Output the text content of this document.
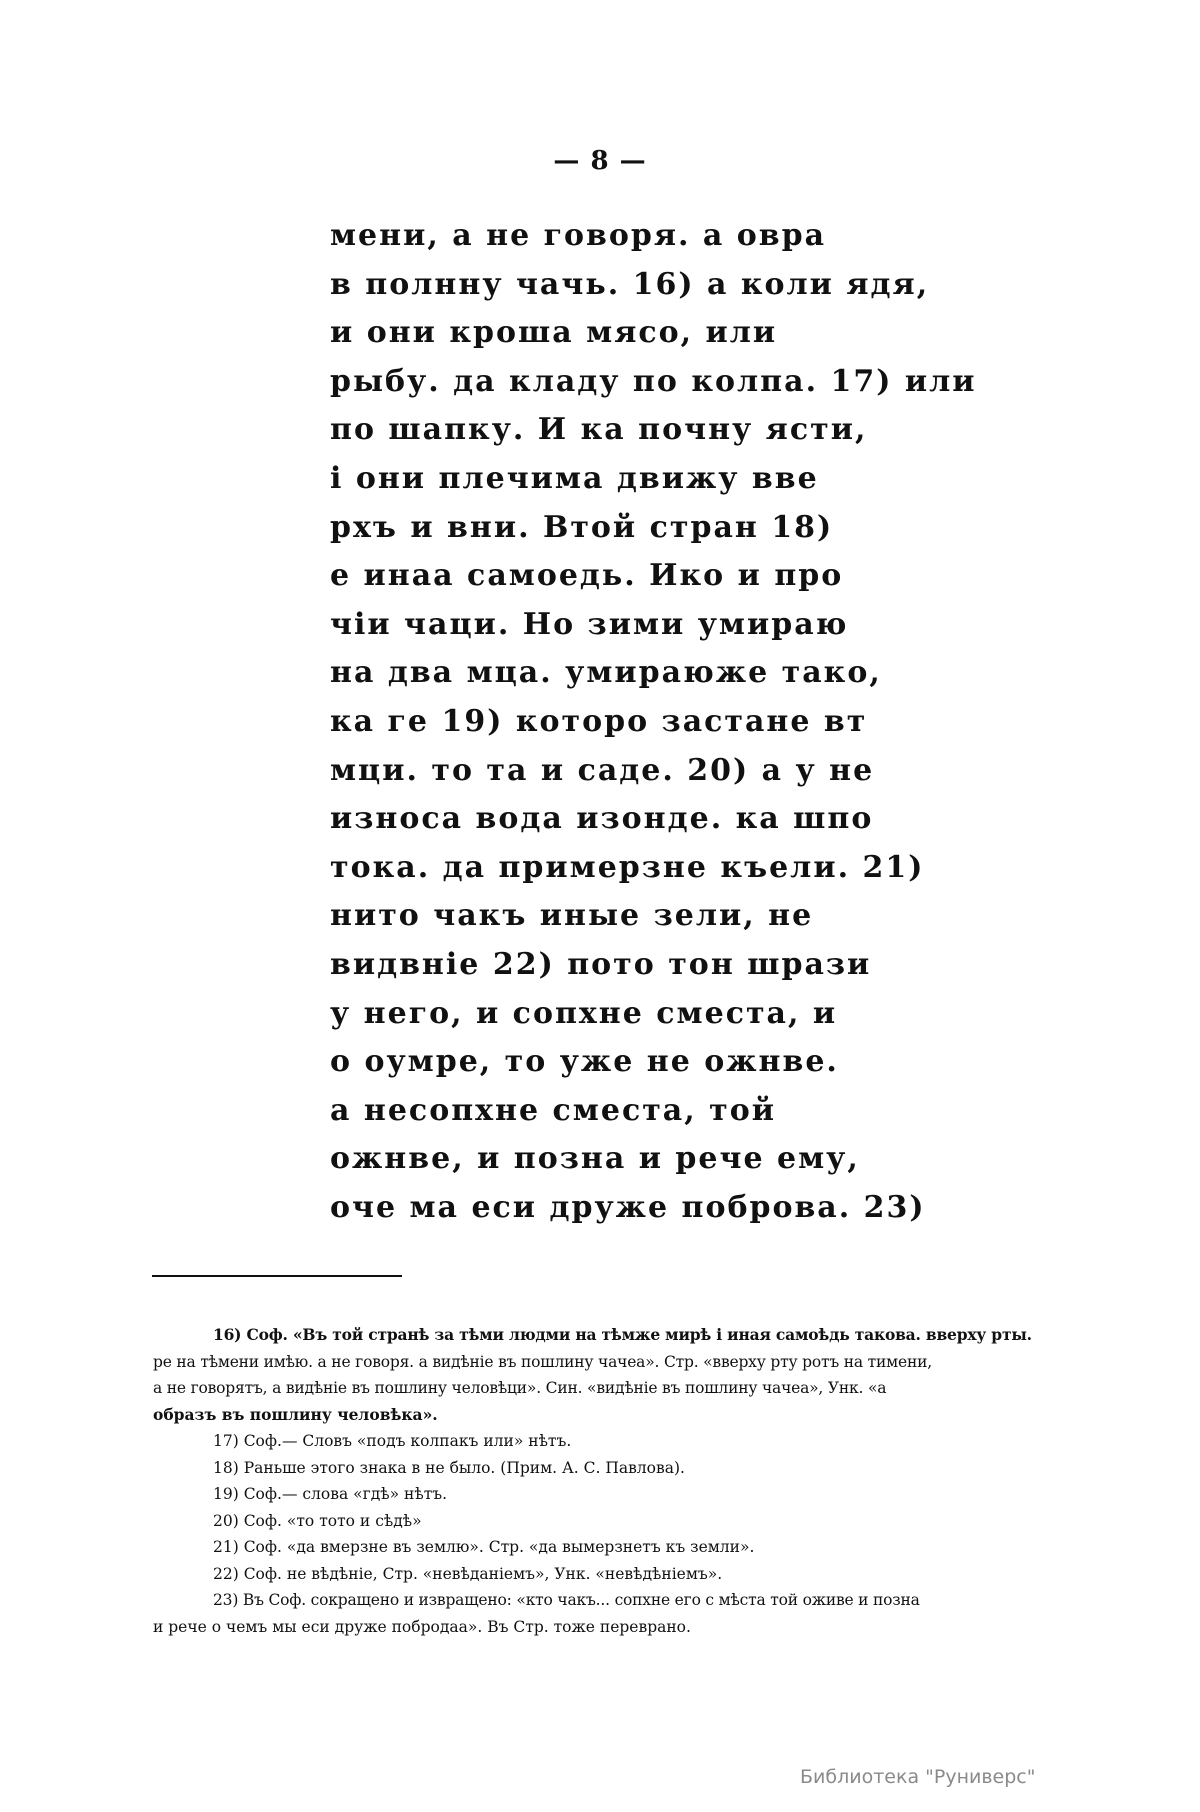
— 8 —
мени, а не говоря. а овра
в полнну чачь. 16) а коли ядя,
и они кроша мясо, или
рыбу. да кладу по колпа. 17) или
по шапку. И ка почну ясти,
і они плечима движу вве
рхъ и вни. Втой стран 18)
е инаа самоедь. Ико и про
чіи чаци. Но зими умираю
на два мца. умираюже тако,
ка ге 19) которо застане вт
мци. то та и саде. 20) а у не
износа вода изонде. ка шпо
тока. да примерзне къели. 21)
нито чакъ иные зели, не
видвніе 22) пото тон шрази
у него, и сопхне сместа, и
о оумре, то уже не ожнве.
а несопхне сместа, той
ожнве, и позна и рече ему,
оче ма еси дружe поброва. 23)
16) Соф. «Въ той странѣ за тѣми людми на тѣмже мирѣ і иная самоѣдь такова. вверху рты.
ре на тѣмени имѣю. а не говоря. а видѣніе въ пошлину чачеа». Стр. «вверху рту ротъ на тимени,
а не говорятъ, а видѣніе въ пошлину человѣци». Син. «видѣніе въ пошлину чачеа», Унк. «а
образъ въ пошлину человѣка».
17) Соф.— Словъ «подъ колпакъ или» нѣтъ.
18) Раньше этого знака в не было. (Прим. А. С. Павлова).
19) Соф.— слова «гдѣ» нѣтъ.
20) Соф. «то тото и сѣдѣ»
21) Соф. «да вмерзне въ землю». Стр. «да вымерзнетъ къ земли».
22) Соф. не вѣдѣніе, Стр. «невѣданіемъ», Унк. «невѣдѣніемъ».
23) Въ Соф. сокращено и извращено: «кто чакъ... сопхне его с мѣста той оживе и позна
и рече о чемъ мы еси друже побродаа». Въ Стр. тоже переврано.
Библиотека "Руниверс"
